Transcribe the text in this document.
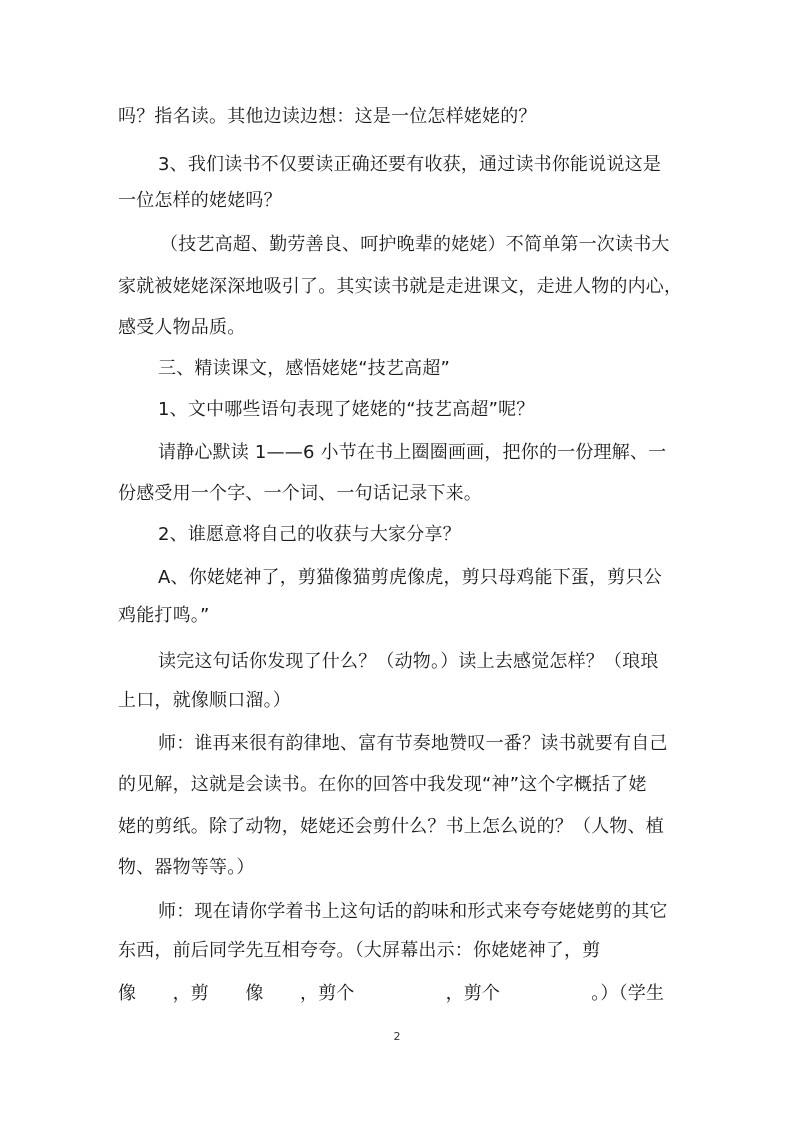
吗？指名读。其他边读边想：这是一位怎样姥姥的？
3、我们读书不仅要读正确还要有收获，通过读书你能说说这是
一位怎样的姥姥吗？
（技艺高超、勤劳善良、呵护晚辈的姥姥）不简单第一次读书大
家就被姥姥深深地吸引了。其实读书就是走进课文，走进人物的内心，
感受人物品质。
三、精读课文，感悟姥姥“技艺高超”
1、文中哪些语句表现了姥姥的“技艺高超”呢？
请静心默读 1——6 小节在书上圈圈画画，把你的一份理解、一
份感受用一个字、一个词、一句话记录下来。
2、谁愿意将自己的收获与大家分享？
A、你姥姥神了，剪猫像猫剪虎像虎，剪只母鸡能下蛋，剪只公
鸡能打鸣。”
读完这句话你发现了什么？（动物。）读上去感觉怎样？（琅琅
上口，就像顺口溜。）
师：谁再来很有韵律地、富有节奏地赞叹一番？读书就要有自己
的见解，这就是会读书。在你的回答中我发现“神”这个字概括了姥
姥的剪纸。除了动物，姥姥还会剪什么？书上怎么说的？（人物、植
物、器物等等。）
师：现在请你学着书上这句话的韵味和形式来夸夸姥姥剪的其它
东西，前后同学先互相夸夸。（大屏幕出示：你姥姥神了，剪
像　　，剪　　像　　，剪个　　　　　，剪个　　　　　。）（学生
2
